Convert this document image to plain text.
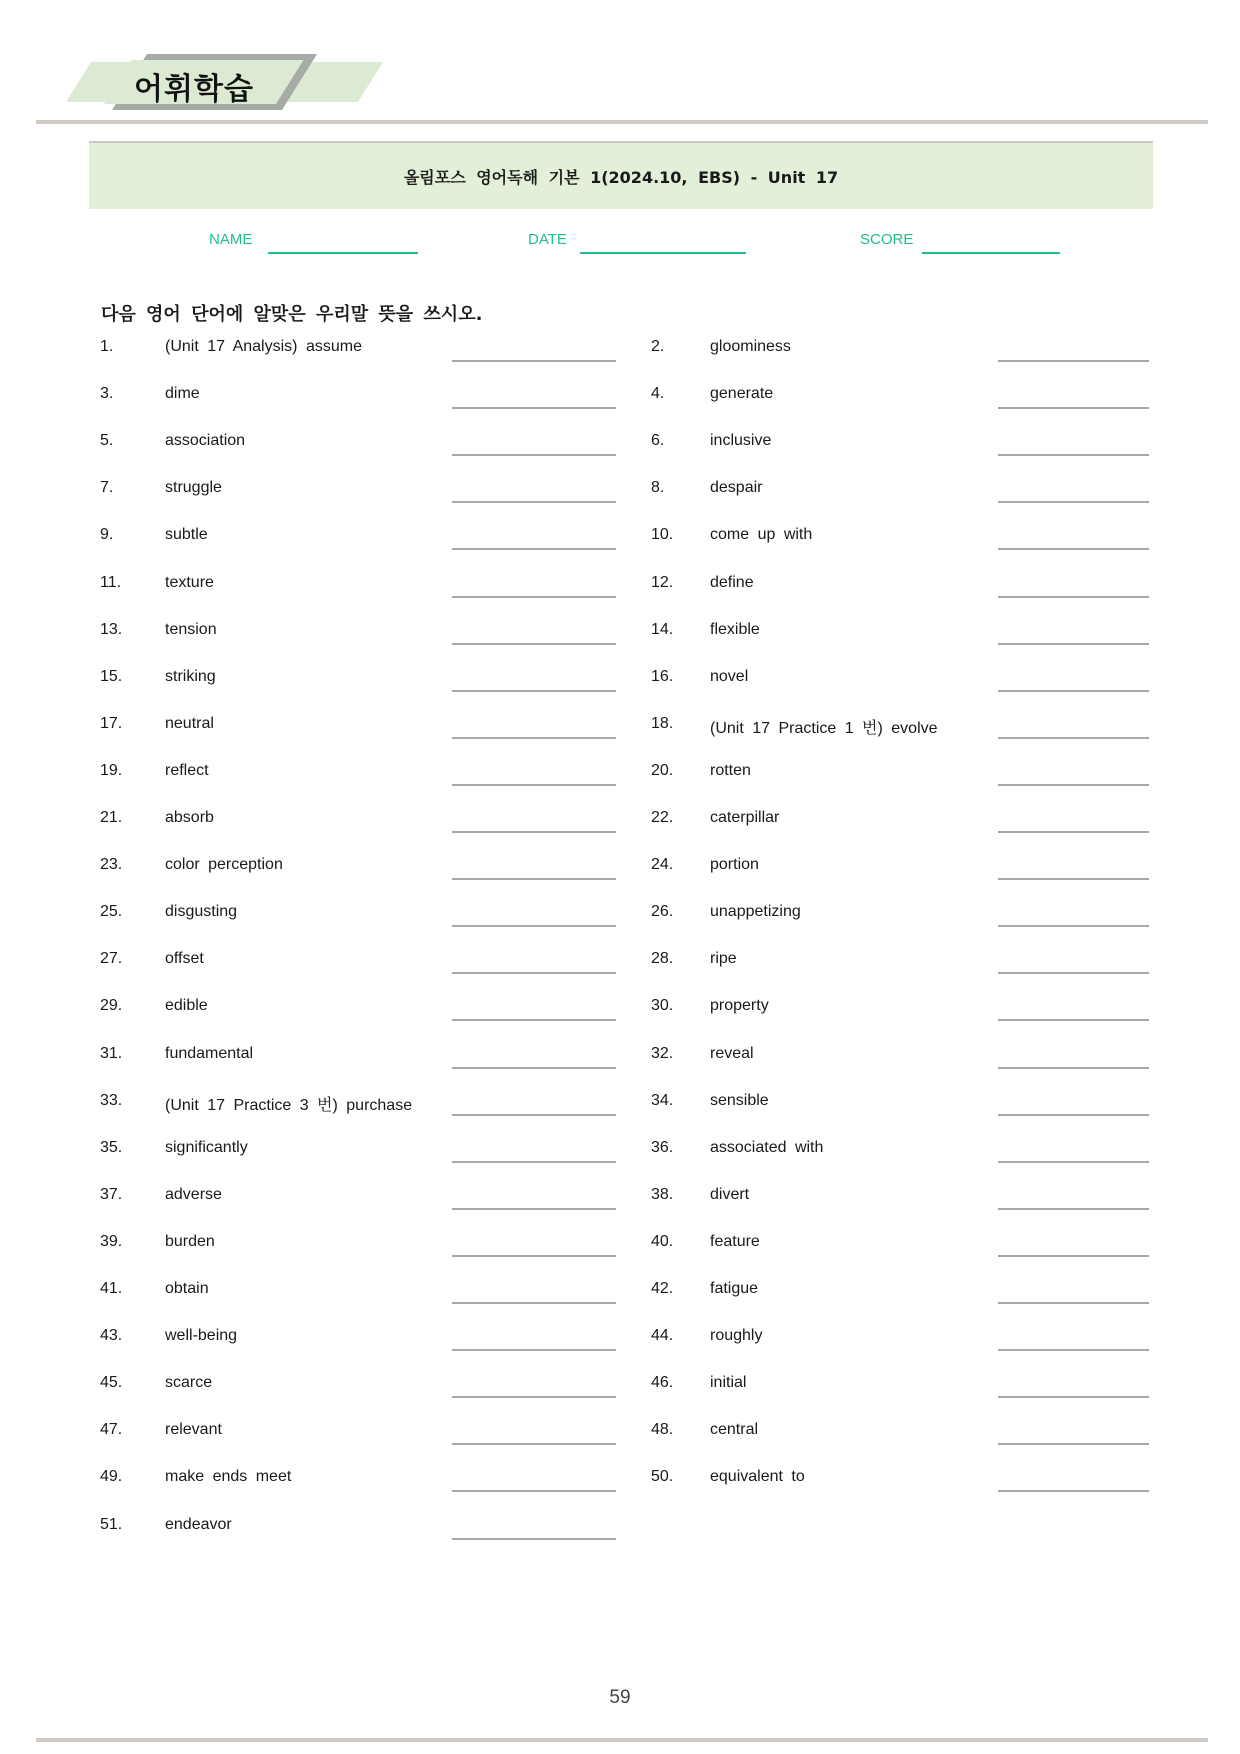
어휘학습
올림포스 영어독해 기본 1(2024.10, EBS) - Unit 17
NAME	DATE	SCORE
다음 영어 단어에 알맞은 우리말 뜻을 쓰시오.
1.	(Unit 17 Analysis) assume	2.	gloominess
3.	dime	4.	generate
5.	association	6.	inclusive
7.	struggle	8.	despair
9.	subtle	10. come up with
11.	texture	12. define
13.	tension	14. flexible
15.	striking	16. novel
17.	neutral	18. (Unit 17 Practice 1 번) evolve
19.	reflect	20. rotten
21.	absorb	22. caterpillar
23.	color perception	24. portion
25.	disgusting	26. unappetizing
27.	offset	28. ripe
29.	edible	30. property
31.	fundamental	32. reveal
33.	(Unit 17 Practice 3 번) purchase	34. sensible
35.	significantly	36. associated with
37.	adverse	38. divert
39.	burden	40. feature
41.	obtain	42. fatigue
43.	well-being	44. roughly
45.	scarce	46. initial
47.	relevant	48. central
49.	make ends meet	50. equivalent to
51.	endeavor
59
